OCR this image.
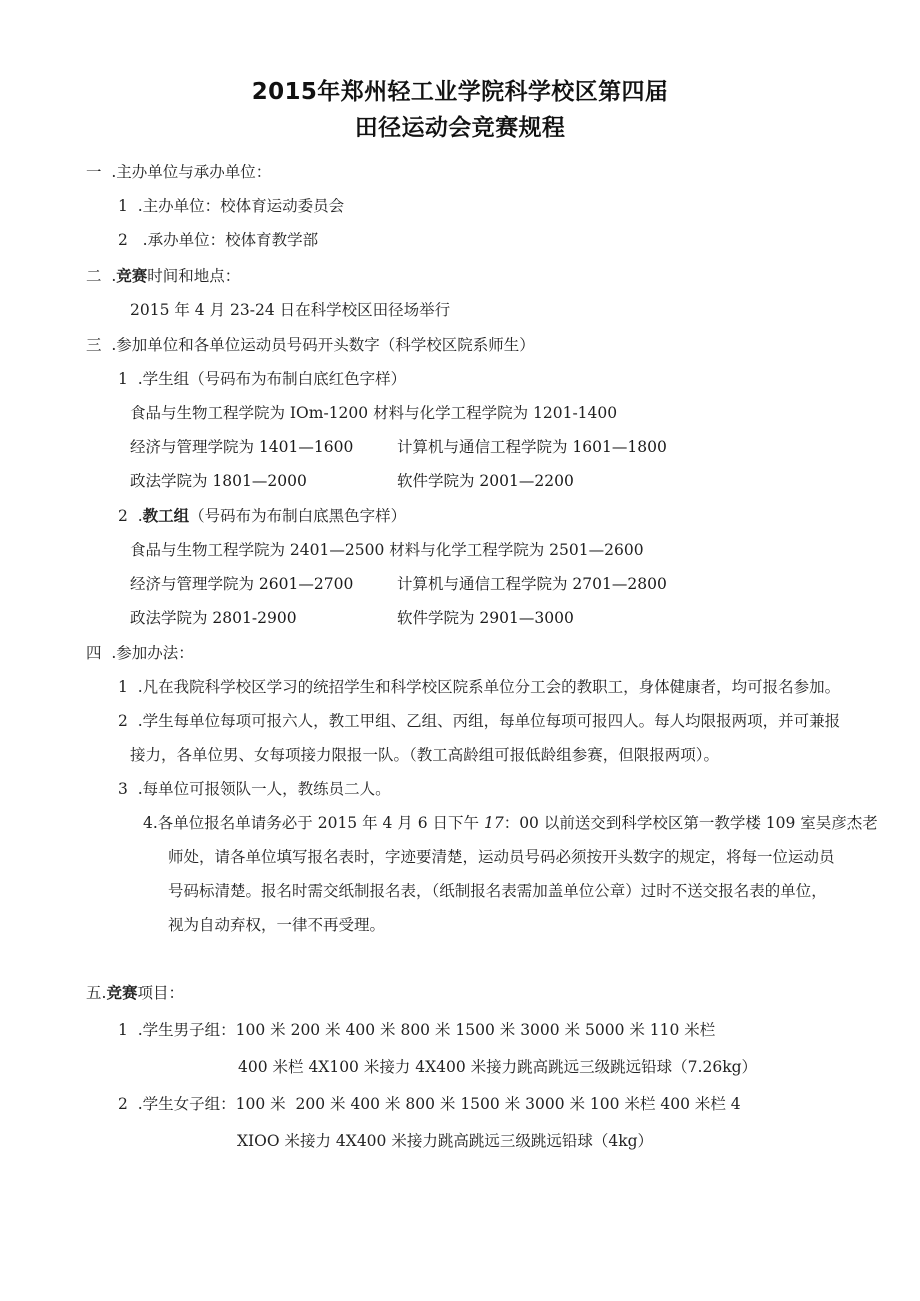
2015年郑州轻工业学院科学校区第四届
田径运动会竞赛规程
一  .主办单位与承办单位：
1  .主办单位：校体育运动委员会
2   .承办单位：校体育教学部
二  .竞赛时间和地点：
2015 年 4 月 23-24 日在科学校区田径场举行
三  .参加单位和各单位运动员号码开头数字（科学校区院系师生）
1  .学生组（号码布为布制白底红色字样）
食品与生物工程学院为 IOm-1200 材料与化学工程学院为 1201-1400
经济与管理学院为 1401—1600	计算机与通信工程学院为 1601—1800
政法学院为 1801—2000	软件学院为 2001—2200
2  .教工组（号码布为布制白底黑色字样）
食品与生物工程学院为 2401—2500 材料与化学工程学院为 2501—2600
经济与管理学院为 2601—2700	计算机与通信工程学院为 2701—2800
政法学院为 2801-2900	软件学院为 2901—3000
四  .参加办法：
1  .凡在我院科学校区学习的统招学生和科学校区院系单位分工会的教职工，身体健康者，均可报名参加。
2  .学生每单位每项可报六人，教工甲组、乙组、丙组，每单位每项可报四人。每人均限报两项，并可兼报
接力，各单位男、女每项接力限报一队。（教工高龄组可报低龄组参赛，但限报两项）。
3  .每单位可报领队一人，教练员二人。
4.各单位报名单请务必于 2015 年 4 月 6 日下午 17：00 以前送交到科学校区第一教学楼 109 室吴彦杰老
师处，请各单位填写报名表时，字迹要清楚，运动员号码必须按开头数字的规定，将每一位运动员
号码标清楚。报名时需交纸制报名表，（纸制报名表需加盖单位公章）过时不送交报名表的单位，
视为自动弃权，一律不再受理。
五.竞赛项目：
1  .学生男子组：100 米 200 米 400 米 800 米 1500 米 3000 米 5000 米 110 米栏
400 米栏 4X100 米接力 4X400 米接力跳高跳远三级跳远铅球（7.26kg）
2  .学生女子组：100 米  200 米 400 米 800 米 1500 米 3000 米 100 米栏 400 米栏 4
XIOO 米接力 4X400 米接力跳高跳远三级跳远铅球（4kg）
